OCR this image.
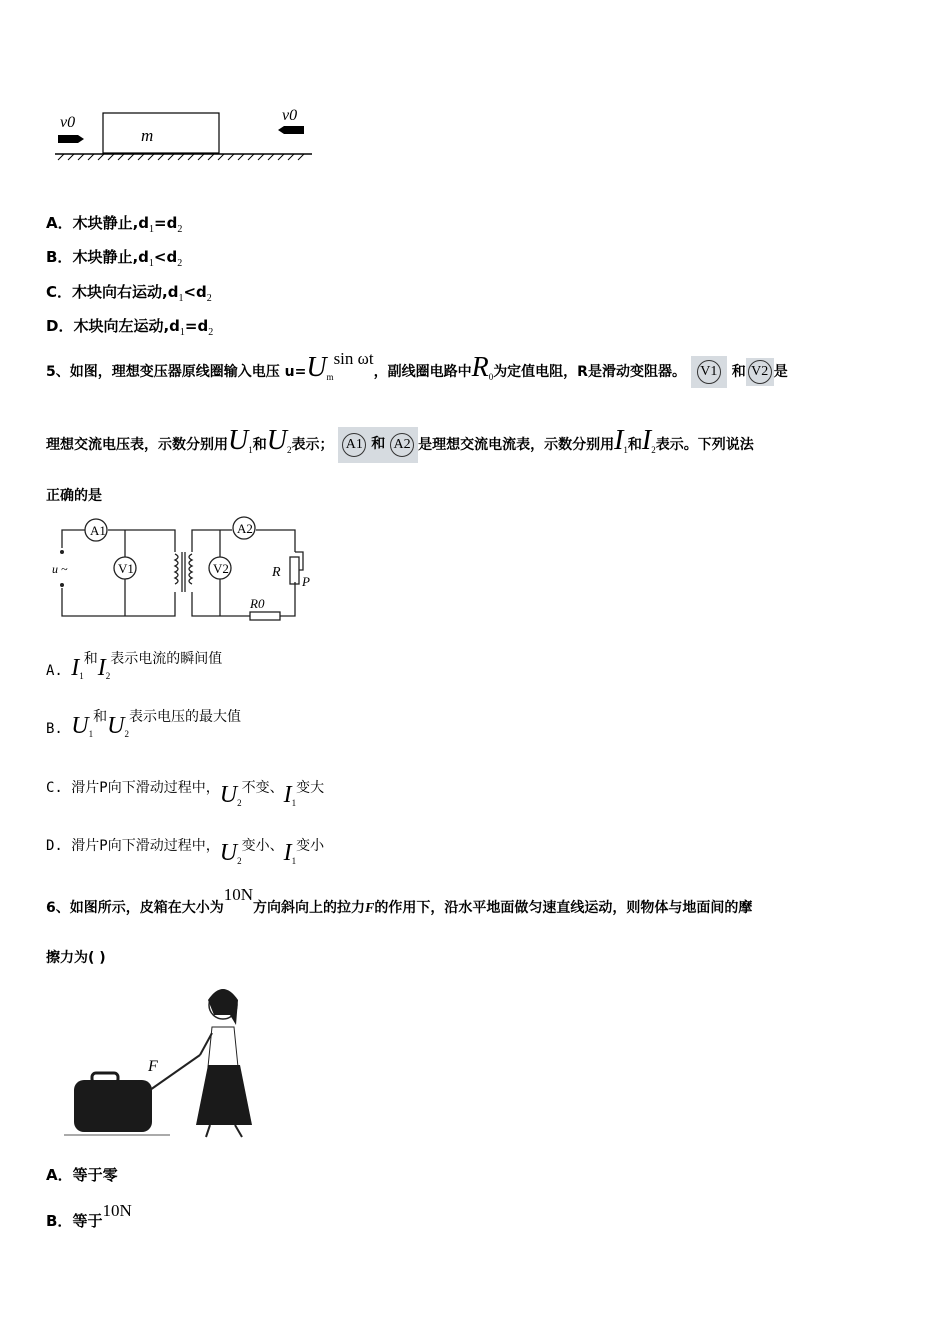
v0	v0
m
A．木块静止$,d_1=d_2$
B．木块静止$,d_1<d_2$
C．木块向右运动$,d_1<d_2$
D．木块向左运动$,d_1=d_2$
5、如图，理想变压器原线圈输入电压 $u=U_m\sin$ ωt，副线圈电路中$R_0$为定值电阻，R是滑动变阻器。 V1 和 V2 是
理想交流电压表，示数分别用$U_1$和$U_2$表示； A1 和 A2 是理想交流电流表，示数分别用$I_1$和$I_2$表示。下列说法
正确的是
A1
V1	V2
A2
u ~	R
P
R0
A. $I_1$和$I_2$表示电流的瞬间值
B. $U_1$和$U_2$表示电压的最大值
C. 滑片P向下滑动过程中，$U_2$不变、$I_1$变大
D. 滑片P向下滑动过程中，$U_2$变小、$I_1$变小
6、如图所示，皮箱在大小为10N方向斜向上的拉力F的作用下，沿水平地面做匀速直线运动，则物体与地面间的摩
擦力为( )
F
A．等于零
B．等于10N
